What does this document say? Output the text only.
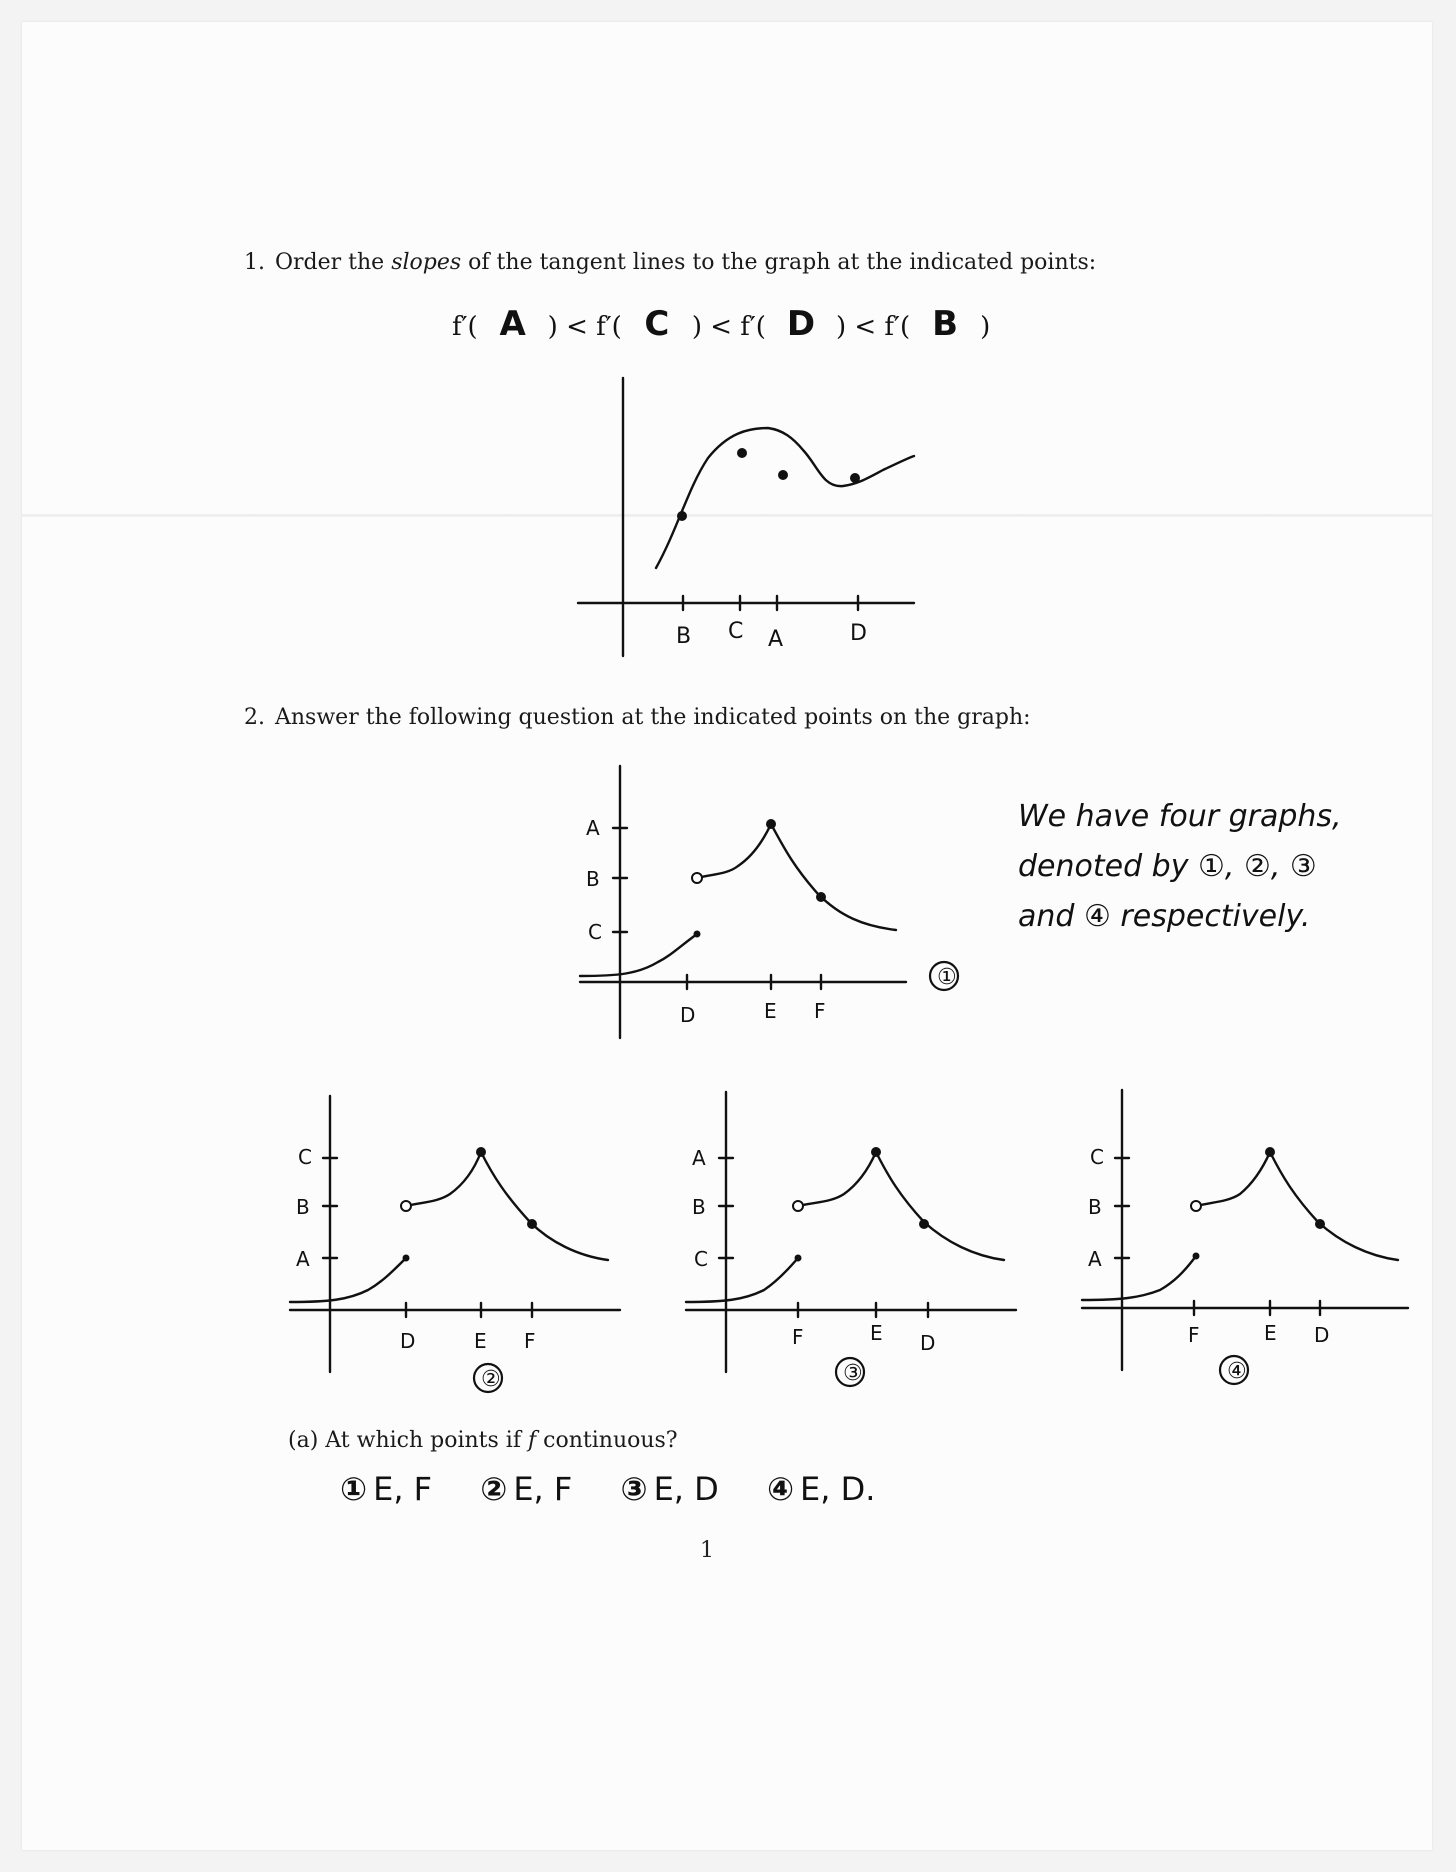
1. Order the slopes of the tangent lines to the graph at the indicated points:
f′( A ) < f′( C ) < f′( D ) < f′( B )
B C A	D
2. Answer the following question at the indicated points on the graph:
A
B
C
D	E F
①
We have four graphs,
denoted by ①, ②, ③
and ④ respectively.
C
B
A
D	E F
②
A
B
C
F	E D
③
C
B
A
F	E D
④
(a) At which points if f continuous?
① E, F ② E, F ③ E, D ④ E, D.
1
